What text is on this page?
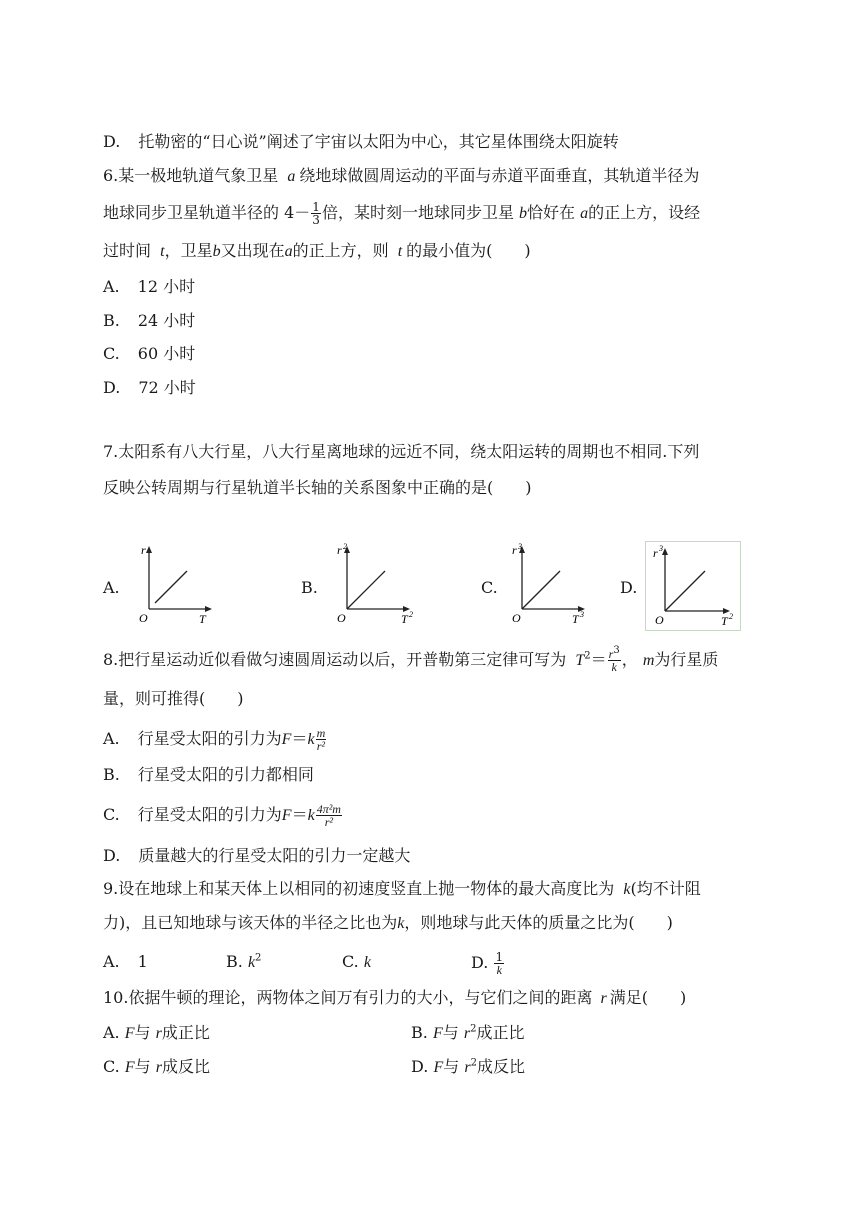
D. 托勒密的“日心说”阐述了宇宙以太阳为中心，其它星体围绕太阳旋转
6.某一极地轨道气象卫星 a 绕地球做圆周运动的平面与赤道平面垂直，其轨道半径为
地球同步卫星轨道半径的 $4- \frac{1}{3}$ 倍，某时刻一地球同步卫星 b恰好在 a的正上方，设经
过时间 t，卫星b又出现在a的正上方，则 t 的最小值为(　　)
A. 12 小时
B. 24 小时
C. 60 小时
D. 72 小时
7.太阳系有八大行星，八大行星离地球的远近不同，绕太阳运转的周期也不相同.下列
反映公转周期与行星轨道半长轴的关系图象中正确的是(　　)
A.
O
r
T
B.
O
r 2
T 2
C.
O
r 3
T 3
D.
O
r 3
T 2
8.把行星运动近似看做匀速圆周运动以后，开普勒第三定律可写为 $T^2= \frac{r^3}{k}$ ， m为行星质
量，则可推得(　　)
A. 行星受太阳的引力为$F=k \frac{m}{\text{r²}}$
B. 行星受太阳的引力都相同
C. 行星受太阳的引力为$F=k \frac{\text{4π²m}}{\text{r²}}$
D. 质量越大的行星受太阳的引力一定越大
9.设在地球上和某天体上以相同的初速度竖直上抛一物体的最大高度比为 k(均不计阻
力)，且已知地球与该天体的半径之比也为k，则地球与此天体的质量之比为(　　)
A. 1	B. $k^2$	C. k	D. $\frac{1}{k}$
10.依据牛顿的理论，两物体之间万有引力的大小，与它们之间的距离 r 满足(　　)
A. F与 r成正比	B. F与 $r^2$成正比
C. F与 r成反比	D. F与 $r^2$成反比
